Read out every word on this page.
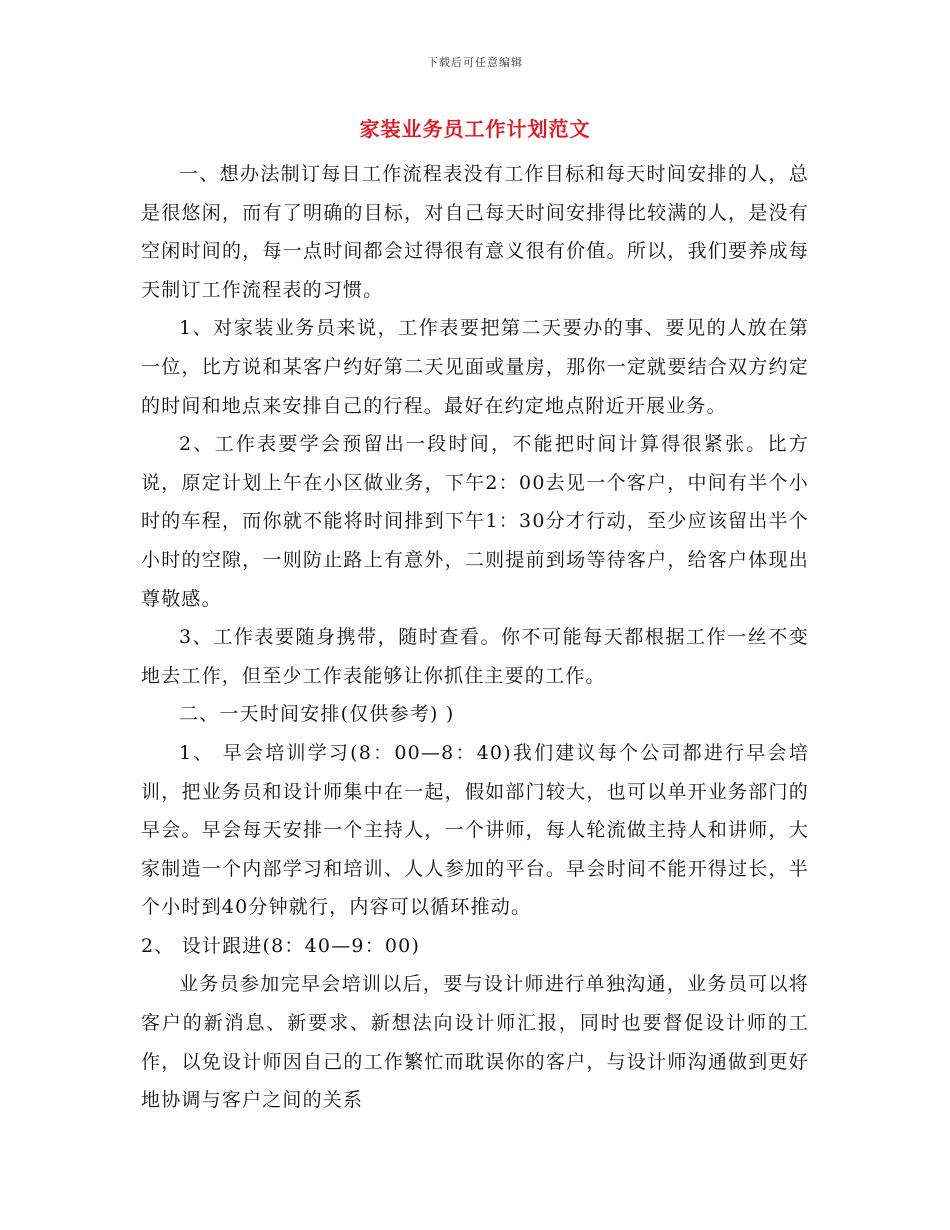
下载后可任意编辑
家装业务员工作计划范文

一、想办法制订每日工作流程表没有工作目标和每天时间安排的人，总是很悠闲，而有了明确的目标，对自己每天时间安排得比较满的人，是没有空闲时间的，每一点时间都会过得很有意义很有价值。所以，我们要养成每天制订工作流程表的习惯。

1、对家装业务员来说，工作表要把第二天要办的事、要见的人放在第一位，比方说和某客户约好第二天见面或量房，那你一定就要结合双方约定的时间和地点来安排自己的行程。最好在约定地点附近开展业务。

2、工作表要学会预留出一段时间，不能把时间计算得很紧张。比方说，原定计划上午在小区做业务，下午2：00去见一个客户，中间有半个小时的车程，而你就不能将时间排到下午1：30分才行动，至少应该留出半个小时的空隙，一则防止路上有意外，二则提前到场等待客户，给客户体现出尊敬感。

3、工作表要随身携带，随时查看。你不可能每天都根据工作一丝不变地去工作，但至少工作表能够让你抓住主要的工作。

二、一天时间安排(仅供参考) )

1、 早会培训学习(8：00—8：40)我们建议每个公司都进行早会培训，把业务员和设计师集中在一起，假如部门较大，也可以单开业务部门的早会。早会每天安排一个主持人，一个讲师，每人轮流做主持人和讲师，大家制造一个内部学习和培训、人人参加的平台。早会时间不能开得过长，半个小时到40分钟就行，内容可以循环推动。

2、 设计跟进(8：40—9：00)

业务员参加完早会培训以后，要与设计师进行单独沟通，业务员可以将客户的新消息、新要求、新想法向设计师汇报，同时也要督促设计师的工作，以免设计师因自己的工作繁忙而耽误你的客户，与设计师沟通做到更好地协调与客户之间的关系
